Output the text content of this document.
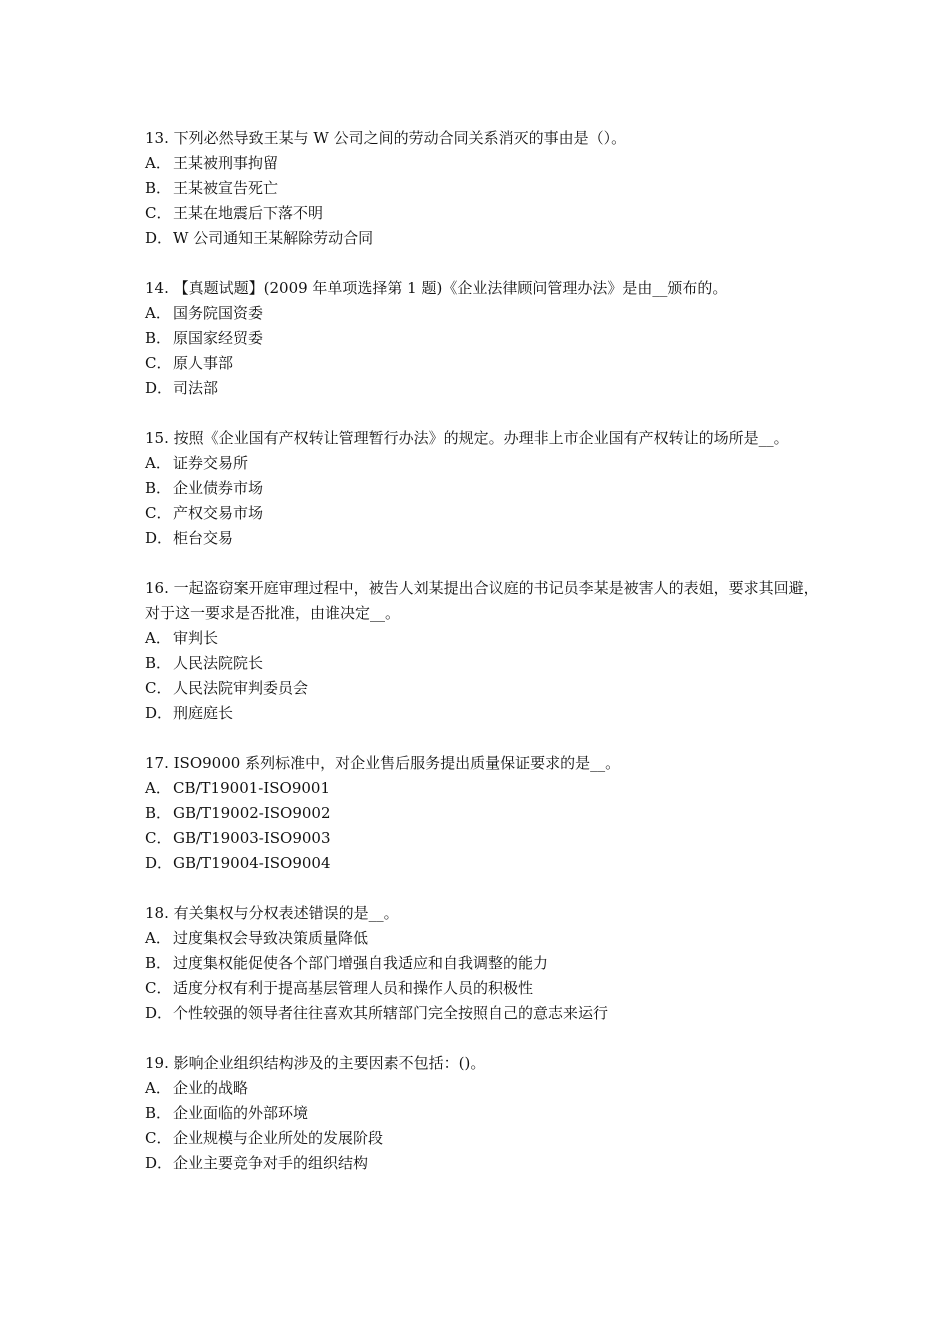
13. 下列必然导致王某与 W 公司之间的劳动合同关系消灭的事由是（）。
A． 王某被刑事拘留
B． 王某被宣告死亡
C． 王某在地震后下落不明
D．W 公司通知王某解除劳动合同
14. 【真题试题】(2009 年单项选择第 1 题)《企业法律顾问管理办法》是由__颁布的。
A． 国务院国资委
B． 原国家经贸委
C． 原人事部
D．司法部
15. 按照《企业国有产权转让管理暂行办法》的规定。办理非上市企业国有产权转让的场所是__。
A． 证券交易所
B． 企业债券市场
C． 产权交易市场
D．柜台交易
16. 一起盗窃案开庭审理过程中，被告人刘某提出合议庭的书记员李某是被害人的表姐，要求其回避，对于这一要求是否批准，由谁决定__。
A． 审判长
B． 人民法院院长
C． 人民法院审判委员会
D．刑庭庭长
17. ISO9000 系列标准中，对企业售后服务提出质量保证要求的是__。
A． CB/T19001-ISO9001
B． GB/T19002-ISO9002
C． GB/T19003-ISO9003
D．GB/T19004-ISO9004
18. 有关集权与分权表述错误的是__。
A． 过度集权会导致决策质量降低
B． 过度集权能促使各个部门增强自我适应和自我调整的能力
C． 适度分权有利于提高基层管理人员和操作人员的积极性
D．个性较强的领导者往往喜欢其所辖部门完全按照自己的意志来运行
19. 影响企业组织结构涉及的主要因素不包括：()。
A． 企业的战略
B． 企业面临的外部环境
C． 企业规模与企业所处的发展阶段
D．企业主要竞争对手的组织结构
